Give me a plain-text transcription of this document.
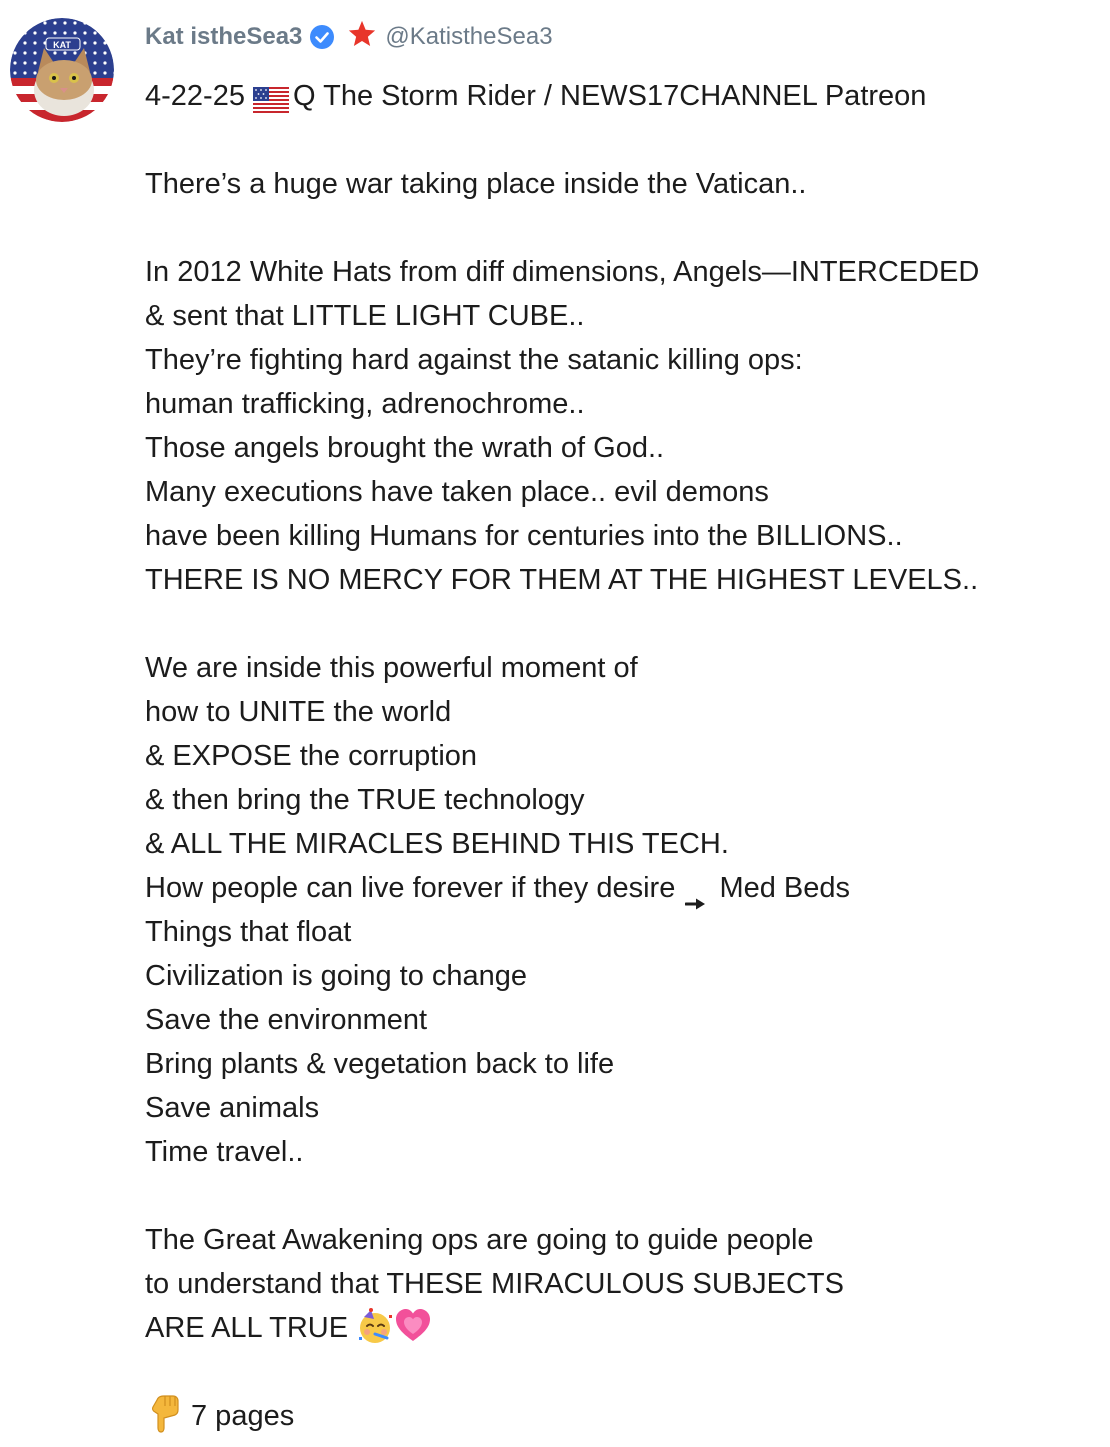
KAT	Kat istheSea3	@KatistheSea3
4-22-25 Q The Storm Rider / NEWS17CHANNEL Patreon
There’s a huge war taking place inside the Vatican..
In 2012 White Hats from diff dimensions, Angels—INTERCEDED
& sent that LITTLE LIGHT CUBE..
They’re fighting hard against the satanic killing ops:
human trafficking, adrenochrome..
Those angels brought the wrath of God..
Many executions have taken place.. evil demons
have been killing Humans for centuries into the BILLIONS..
THERE IS NO MERCY FOR THEM AT THE HIGHEST LEVELS..
We are inside this powerful moment of
how to UNITE the world
& EXPOSE the corruption
& then bring the TRUE technology
& ALL THE MIRACLES BEHIND THIS TECH.
How people can live forever if they desire Med Beds
Things that float
Civilization is going to change
Save the environment
Bring plants & vegetation back to life
Save animals
Time travel..
The Great Awakening ops are going to guide people
to understand that THESE MIRACULOUS SUBJECTS
ARE ALL TRUE
7 pages
